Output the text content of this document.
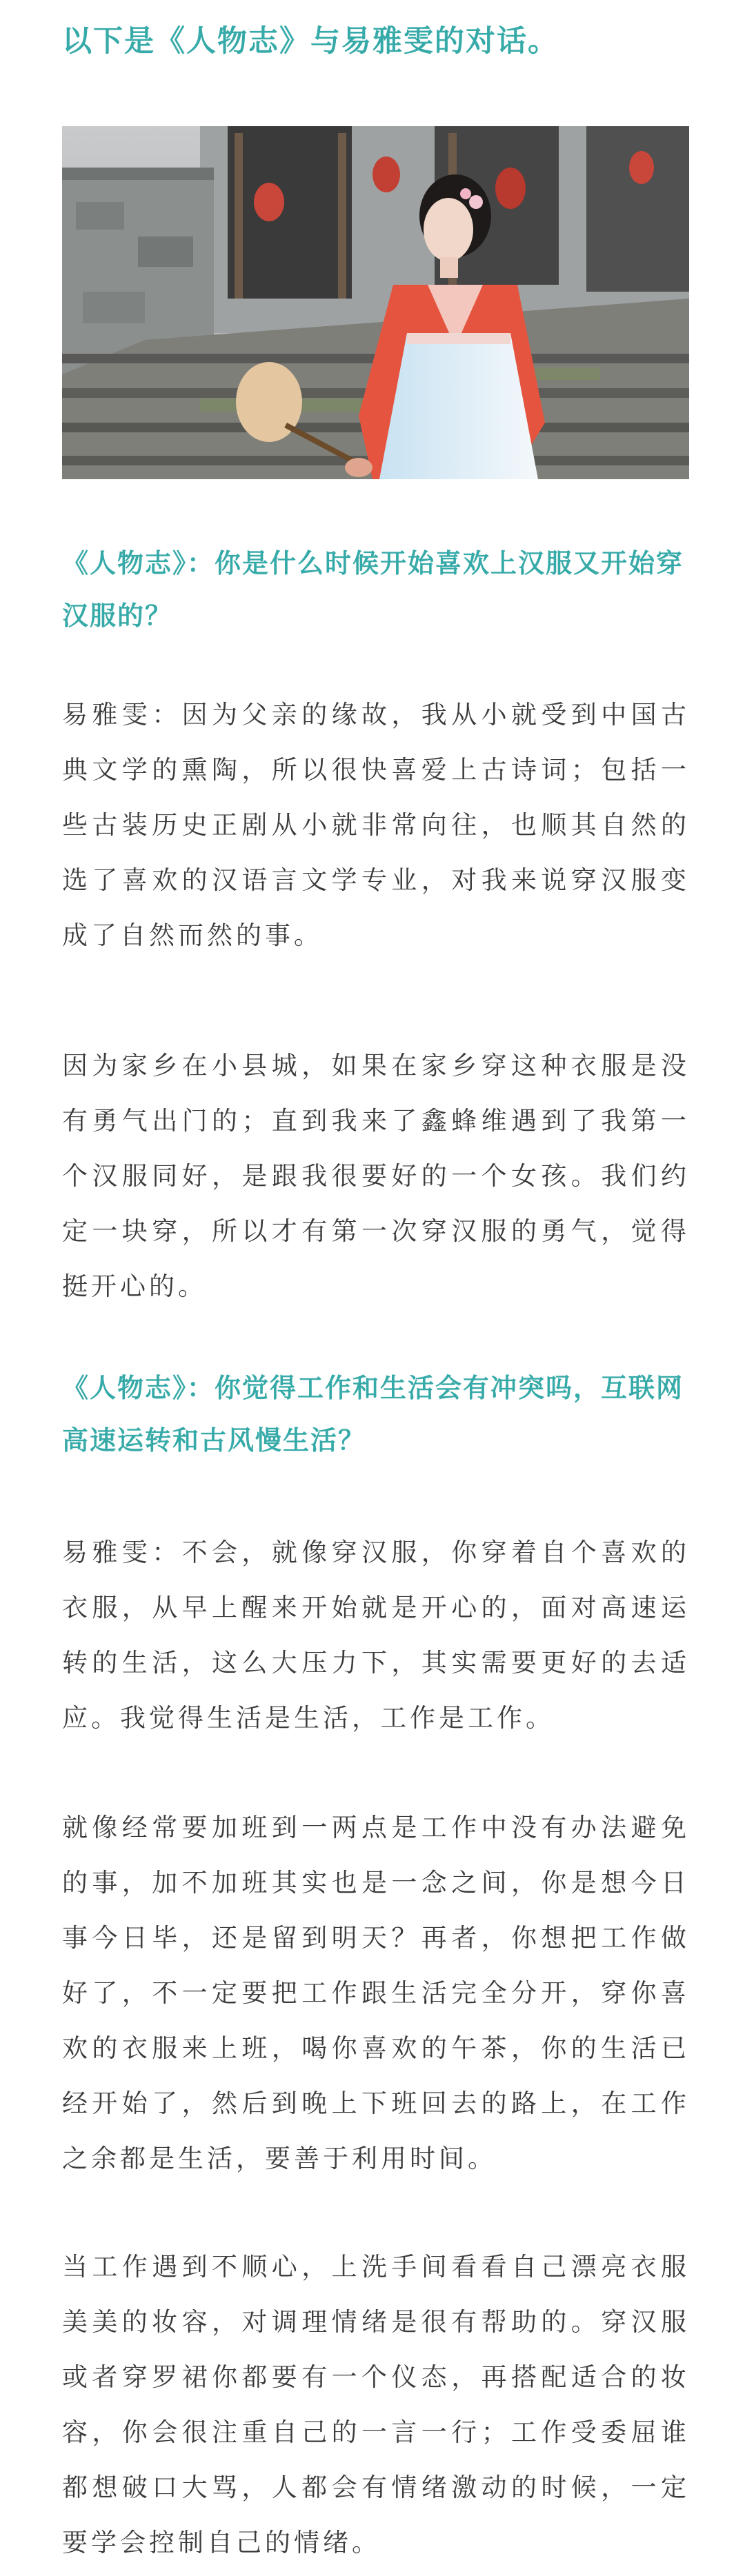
以下是《人物志》与易雅雯的对话。

《人物志》：你是什么时候开始喜欢上汉服又开始穿汉服的？

易雅雯：因为父亲的缘故，我从小就受到中国古典文学的熏陶，所以很快喜爱上古诗词；包括一些古装历史正剧从小就非常向往，也顺其自然的选了喜欢的汉语言文学专业，对我来说穿汉服变成了自然而然的事。

因为家乡在小县城，如果在家乡穿这种衣服是没有勇气出门的；直到我来了鑫蜂维遇到了我第一个汉服同好，是跟我很要好的一个女孩。我们约定一块穿，所以才有第一次穿汉服的勇气，觉得挺开心的。

《人物志》：你觉得工作和生活会有冲突吗，互联网高速运转和古风慢生活？

易雅雯：不会，就像穿汉服，你穿着自个喜欢的衣服，从早上醒来开始就是开心的，面对高速运转的生活，这么大压力下，其实需要更好的去适应。我觉得生活是生活，工作是工作。

就像经常要加班到一两点是工作中没有办法避免的事，加不加班其实也是一念之间，你是想今日事今日毕，还是留到明天？再者，你想把工作做好了，不一定要把工作跟生活完全分开，穿你喜欢的衣服来上班，喝你喜欢的午茶，你的生活已经开始了，然后到晚上下班回去的路上，在工作之余都是生活，要善于利用时间。

当工作遇到不顺心，上洗手间看看自己漂亮衣服美美的妆容，对调理情绪是很有帮助的。穿汉服或者穿罗裙你都要有一个仪态，再搭配适合的妆容，你会很注重自己的一言一行；工作受委屈谁都想破口大骂，人都会有情绪激动的时候，一定要学会控制自己的情绪。
